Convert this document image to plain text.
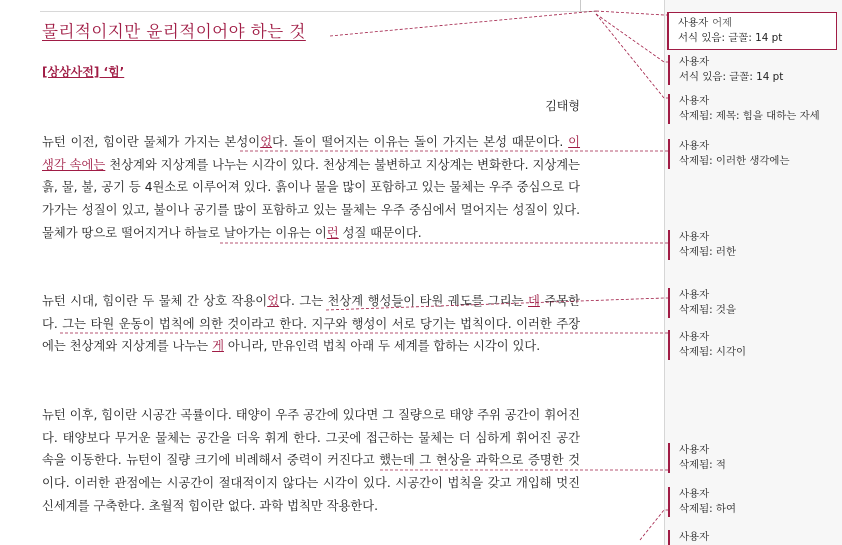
물리적이지만 윤리적이어야 하는 것
[상상사전] ‘힘’
김태형
뉴턴 이전, 힘이란 물체가 가지는 본성이었다. 돌이 떨어지는 이유는 돌이 가지는 본성 때문이다. 이 생각 속에는 천상계와 지상계를 나누는 시각이 있다. 천상계는 불변하고 지상계는 변화한다. 지상계는 흙, 물, 불, 공기 등 4원소로 이루어져 있다. 흙이나 물을 많이 포함하고 있는 물체는 우주 중심으로 다가가는 성질이 있고, 불이나 공기를 많이 포함하고 있는 물체는 우주 중심에서 멀어지는 성질이 있다. 물체가 땅으로 떨어지거나 하늘로 날아가는 이유는 이런 성질 때문이다.
뉴턴 시대, 힘이란 두 물체 간 상호 작용이었다. 그는 천상계 행성들이 타원 궤도를 그리는 데 주목한다. 그는 타원 운동이 법칙에 의한 것이라고 한다. 지구와 행성이 서로 당기는 법칙이다. 이러한 주장에는 천상계와 지상계를 나누는 게 아니라, 만유인력 법칙 아래 두 세계를 합하는 시각이 있다.
뉴턴 이후, 힘이란 시공간 곡률이다. 태양이 우주 공간에 있다면 그 질량으로 태양 주위 공간이 휘어진다. 태양보다 무거운 물체는 공간을 더욱 휘게 한다. 그곳에 접근하는 물체는 더 심하게 휘어진 공간 속을 이동한다. 뉴턴이 질량 크기에 비례해서 중력이 커진다고 했는데 그 현상을 과학으로 증명한 것이다. 이러한 관점에는 시공간이 절대적이지 않다는 시각이 있다. 시공간이 법칙을 갖고 개입해 멋진 신세계를 구축한다. 초월적 힘이란 없다. 과학 법칙만 작용한다.
사용자 어제
서식 있음: 글꼴: 14 pt
사용자
서식 있음: 글꼴: 14 pt
사용자
삭제됨: 제목: 힘을 대하는 자세
사용자
삭제됨: 이러한 생각에는
사용자
삭제됨: 러한
사용자
삭제됨: 것을
사용자
삭제됨: 시각이
사용자
삭제됨: 적
사용자
삭제됨: 하여
사용자
